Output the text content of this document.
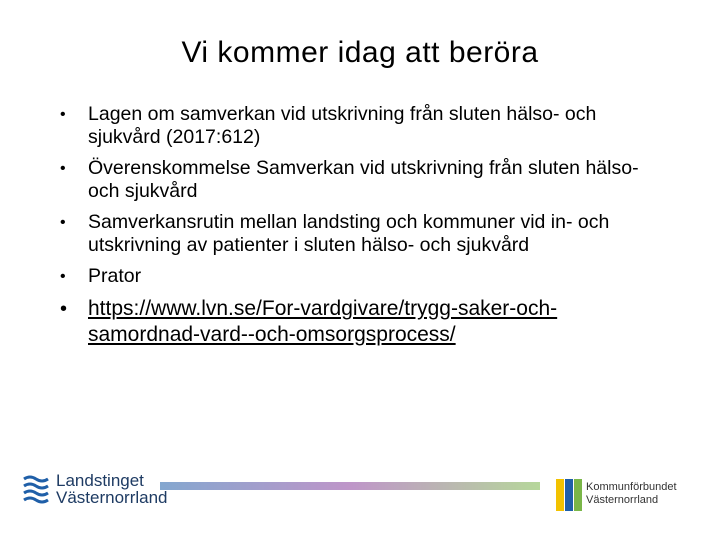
Vi kommer idag att beröra
• Lagen om samverkan vid utskrivning från sluten hälso- och sjukvård (2017:612)
• Överenskommelse Samverkan vid utskrivning från sluten hälso- och sjukvård
• Samverkansrutin mellan landsting och kommuner vid in- och utskrivning av patienter i sluten hälso- och sjukvård
• Prator
• https://www.lvn.se/For-vardgivare/trygg-saker-och-samordnad-vard--och-omsorgsprocess/
Landstinget
Västernorrland
Kommunförbundet
Västernorrland
